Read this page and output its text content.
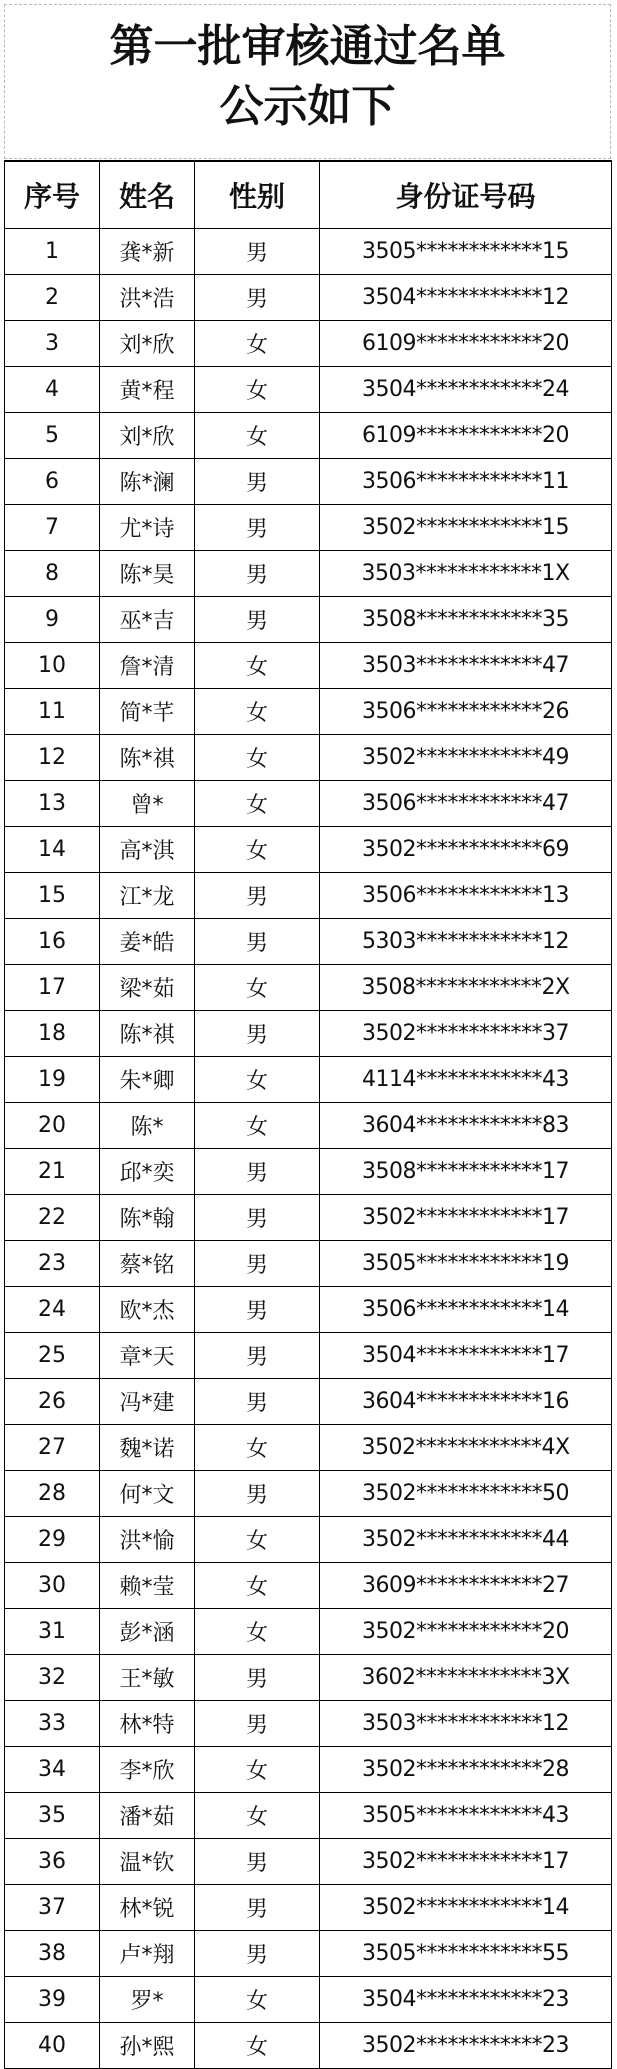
第一批审核通过名单
公示如下
序号	姓名	性别	身份证号码
1	龚*新	男	3505************15
2	洪*浩	男	3504************12
3	刘*欣	女	6109************20
4	黄*程	女	3504************24
5	刘*欣	女	6109************20
6	陈*澜	男	3506************11
7	尤*诗	男	3502************15
8	陈*昊	男	3503************1X
9	巫*吉	男	3508************35
10	詹*清	女	3503************47
11	简*芊	女	3506************26
12	陈*祺	女	3502************49
13	曾*	女	3506************47
14	高*淇	女	3502************69
15	江*龙	男	3506************13
16	姜*皓	男	5303************12
17	梁*茹	女	3508************2X
18	陈*祺	男	3502************37
19	朱*卿	女	4114************43
20	陈*	女	3604************83
21	邱*奕	男	3508************17
22	陈*翰	男	3502************17
23	蔡*铭	男	3505************19
24	欧*杰	男	3506************14
25	章*天	男	3504************17
26	冯*建	男	3604************16
27	魏*诺	女	3502************4X
28	何*文	男	3502************50
29	洪*愉	女	3502************44
30	赖*莹	女	3609************27
31	彭*涵	女	3502************20
32	王*敏	男	3602************3X
33	林*特	男	3503************12
34	李*欣	女	3502************28
35	潘*茹	女	3505************43
36	温*钦	男	3502************17
37	林*锐	男	3502************14
38	卢*翔	男	3505************55
39	罗*	女	3504************23
40	孙*熙	女	3502************23
